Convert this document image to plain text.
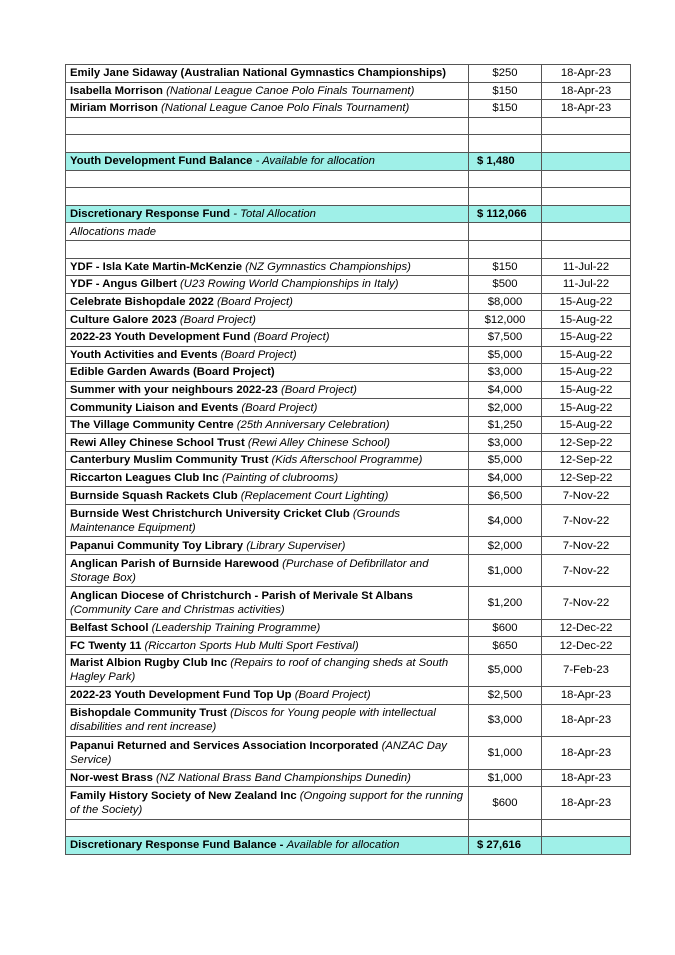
Emily Jane Sidaway (Australian National Gymnastics Championships)	$250	18-Apr-23
Isabella Morrison (National League Canoe Polo Finals Tournament)	$150	18-Apr-23
Miriam Morrison (National League Canoe Polo Finals Tournament)	$150	18-Apr-23

Youth Development Fund Balance - Available for allocation	$ 1,480	

Discretionary Response Fund - Total Allocation	$ 112,066	
Allocations made		

YDF - Isla Kate Martin-McKenzie (NZ Gymnastics Championships)	$150	11-Jul-22
YDF - Angus Gilbert (U23 Rowing World Championships in Italy)	$500	11-Jul-22
Celebrate Bishopdale 2022 (Board Project)	$8,000	15-Aug-22
Culture Galore 2023 (Board Project)	$12,000	15-Aug-22
2022-23 Youth Development Fund (Board Project)	$7,500	15-Aug-22
Youth Activities and Events (Board Project)	$5,000	15-Aug-22
Edible Garden Awards (Board Project)	$3,000	15-Aug-22
Summer with your neighbours 2022-23 (Board Project)	$4,000	15-Aug-22
Community Liaison and Events (Board Project)	$2,000	15-Aug-22
The Village Community Centre (25th Anniversary Celebration)	$1,250	15-Aug-22
Rewi Alley Chinese School Trust (Rewi Alley Chinese School)	$3,000	12-Sep-22
Canterbury Muslim Community Trust (Kids Afterschool Programme)	$5,000	12-Sep-22
Riccarton Leagues Club Inc (Painting of clubrooms)	$4,000	12-Sep-22
Burnside Squash Rackets Club (Replacement Court Lighting)	$6,500	7-Nov-22
Burnside West Christchurch University Cricket Club (Grounds Maintenance Equipment)	$4,000	7-Nov-22
Papanui Community Toy Library (Library Superviser)	$2,000	7-Nov-22
Anglican Parish of Burnside Harewood (Purchase of Defibrillator and Storage Box)	$1,000	7-Nov-22
Anglican Diocese of Christchurch - Parish of Merivale St Albans (Community Care and Christmas activities)	$1,200	7-Nov-22
Belfast School (Leadership Training Programme)	$600	12-Dec-22
FC Twenty 11 (Riccarton Sports Hub Multi Sport Festival)	$650	12-Dec-22
Marist Albion Rugby Club Inc (Repairs to roof of changing sheds at South Hagley Park)	$5,000	7-Feb-23
2022-23 Youth Development Fund Top Up (Board Project)	$2,500	18-Apr-23
Bishopdale Community Trust (Discos for Young people with intellectual disabilities and rent increase)	$3,000	18-Apr-23
Papanui Returned and Services Association Incorporated (ANZAC Day Service)	$1,000	18-Apr-23
Nor-west Brass (NZ National Brass Band Championships Dunedin)	$1,000	18-Apr-23
Family History Society of New Zealand Inc (Ongoing support for the running of the Society)	$600	18-Apr-23

Discretionary Response Fund Balance - Available for allocation	$ 27,616	
